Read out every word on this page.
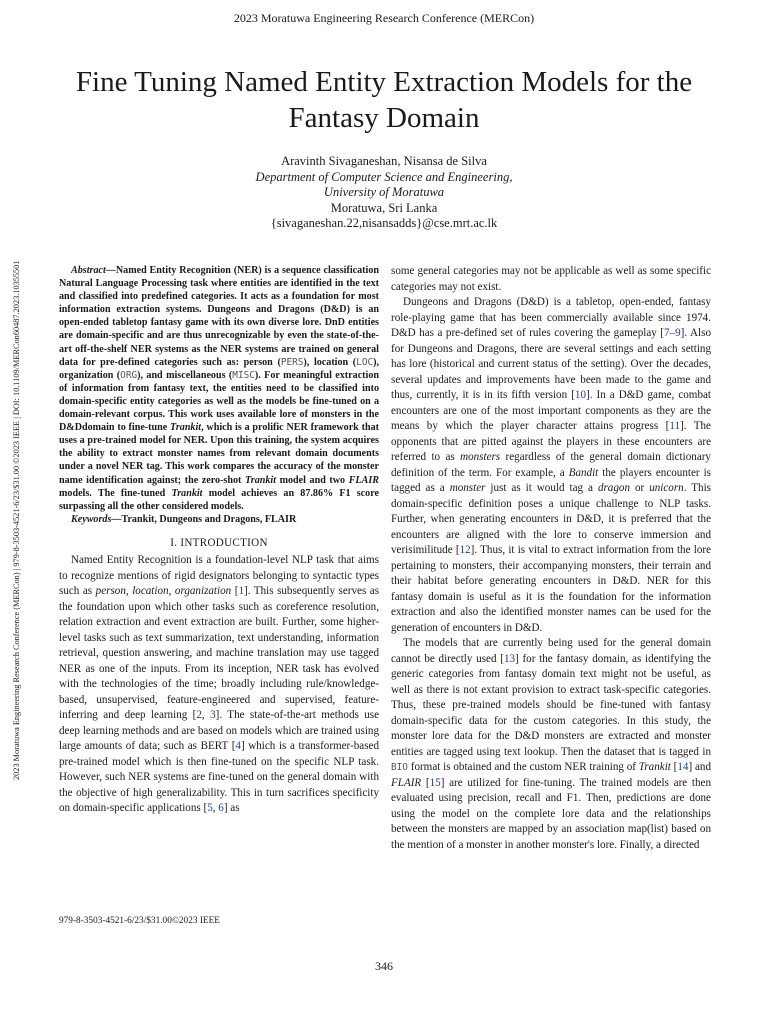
2023 Moratuwa Engineering Research Conference (MERCon)
Fine Tuning Named Entity Extraction Models for the Fantasy Domain
Aravinth Sivaganeshan, Nisansa de Silva
Department of Computer Science and Engineering,
University of Moratuwa
Moratuwa, Sri Lanka
{sivaganeshan.22,nisansadds}@cse.mrt.ac.lk
2023 Moratuwa Engineering Research Conference (MERCon) | 979-8-3503-4521-6/23/$31.00 ©2023 IEEE | DOI: 10.1109/MERCon60487.2023.10355501	Abstract—Named Entity Recognition (NER) is a sequence classification Natural Language Processing task where entities are identified in the text and classified into predefined categories. It acts as a foundation for most information extraction systems. Dungeons and Dragons (D&D) is an open-ended tabletop fantasy game with its own diverse lore. DnD entities are domain-specific and are thus unrecognizable by even the state-of-the-art off-the-shelf NER systems as the NER systems are trained on general data for pre-defined categories such as: person (PERS), location (LOC), organization (ORG), and miscellaneous (MISC). For meaningful extraction of information from fantasy text, the entities need to be classified into domain-specific entity categories as well as the models be fine-tuned on a domain-relevant corpus. This work uses available lore of monsters in the D&Ddomain to fine-tune Trankit, which is a prolific NER framework that uses a pre-trained model for NER. Upon this training, the system acquires the ability to extract monster names from relevant domain documents under a novel NER tag. This work compares the accuracy of the monster name identification against; the zero-shot Trankit model and two FLAIR models. The fine-tuned Trankit model achieves an 87.86% F1 score surpassing all the other considered models.

Keywords—Trankit, Dungeons and Dragons, FLAIR

I. INTRODUCTION

Named Entity Recognition is a foundation-level NLP task that aims to recognize mentions of rigid designators belonging to syntactic types such as person, location, organization [1]. This subsequently serves as the foundation upon which other tasks such as coreference resolution, relation extraction and event extraction are built. Further, some higher-level tasks such as text summarization, text understanding, information retrieval, question answering, and machine translation may use tagged NER as one of the inputs. From its inception, NER task has evolved with the technologies of the time; broadly including rule/knowledge-based, unsupervised, feature-engineered and supervised, feature-inferring and deep learning [2, 3]. The state-of-the-art methods use deep learning methods and are based on models which are trained using large amounts of data; such as BERT [4] which is a transformer-based pre-trained model which is then fine-tuned on the specific NLP task. However, such NER systems are fine-tuned on the general domain with the objective of high generalizability. This in turn sacrifices specificity on domain-specific applications [5, 6] as

some general categories may not be applicable as well as some specific categories may not exist.

Dungeons and Dragons (D&D) is a tabletop, open-ended, fantasy role-playing game that has been commercially available since 1974. D&D has a pre-defined set of rules covering the gameplay [7–9]. Also for Dungeons and Dragons, there are several settings and each setting has lore (historical and current status of the setting). Over the decades, several updates and improvements have been made to the game and thus, currently, it is in its fifth version [10]. In a D&D game, combat encounters are one of the most important components as they are the means by which the player character attains progress [11]. The opponents that are pitted against the players in these encounters are referred to as monsters regardless of the general domain dictionary definition of the term. For example, a Bandit the players encounter is tagged as a monster just as it would tag a dragon or unicorn. This domain-specific definition poses a unique challenge to NLP tasks. Further, when generating encounters in D&D, it is preferred that the encounters are aligned with the lore to conserve immersion and verisimilitude [12]. Thus, it is vital to extract information from the lore pertaining to monsters, their accompanying monsters, their terrain and their habitat before generating encounters in D&D. NER for this fantasy domain is useful as it is the foundation for the information extraction and also the identified monster names can be used for the generation of encounters in D&D.

The models that are currently being used for the general domain cannot be directly used [13] for the fantasy domain, as identifying the generic categories from fantasy domain text might not be useful, as well as there is not extant provision to extract task-specific categories. Thus, these pre-trained models should be fine-tuned with fantasy domain-specific data for the custom categories. In this study, the monster lore data for the D&D monsters are extracted and monster entities are tagged using text lookup. Then the dataset that is tagged in BIO format is obtained and the custom NER training of Trankit [14] and FLAIR [15] are utilized for fine-tuning. The trained models are then evaluated using precision, recall and F1. Then, predictions are done using the model on the complete lore data and the relationships between the monsters are mapped by an association map(list) based on the mention of a monster in another monster's lore. Finally, a directed

979-8-3503-4521-6/23/$31.00©2023 IEEE
346
